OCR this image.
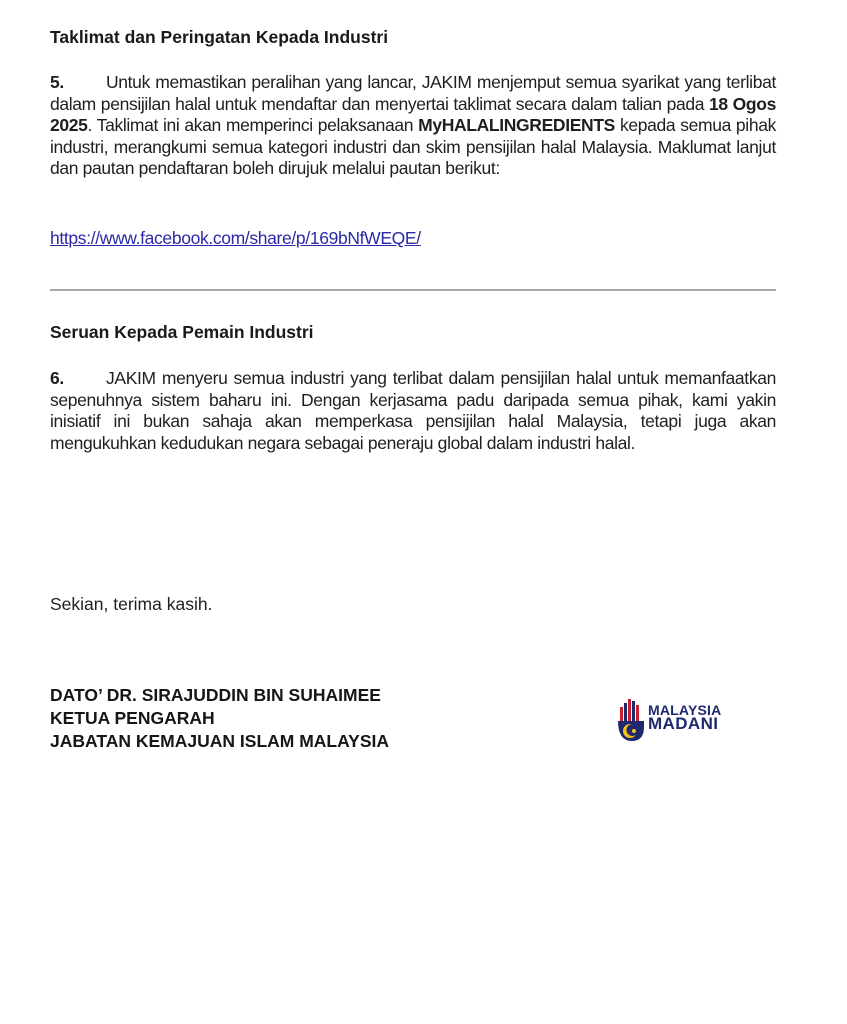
Taklimat dan Peringatan Kepada Industri
5. Untuk memastikan peralihan yang lancar, JAKIM menjemput semua syarikat yang terlibat dalam pensijilan halal untuk mendaftar dan menyertai taklimat secara dalam talian pada 18 Ogos 2025. Taklimat ini akan memperinci pelaksanaan MyHALALINGREDIENTS kepada semua pihak industri, merangkumi semua kategori industri dan skim pensijilan halal Malaysia. Maklumat lanjut dan pautan pendaftaran boleh dirujuk melalui pautan berikut:
https://www.facebook.com/share/p/169bNfWEQE/
Seruan Kepada Pemain Industri
6. JAKIM menyeru semua industri yang terlibat dalam pensijilan halal untuk memanfaatkan sepenuhnya sistem baharu ini. Dengan kerjasama padu daripada semua pihak, kami yakin inisiatif ini bukan sahaja akan memperkasa pensijilan halal Malaysia, tetapi juga akan mengukuhkan kedudukan negara sebagai peneraju global dalam industri halal.
Sekian, terima kasih.
DATO’ DR. SIRAJUDDIN BIN SUHAIMEE
KETUA PENGARAH
JABATAN KEMAJUAN ISLAM MALAYSIA
MALAYSIA
MADANI
